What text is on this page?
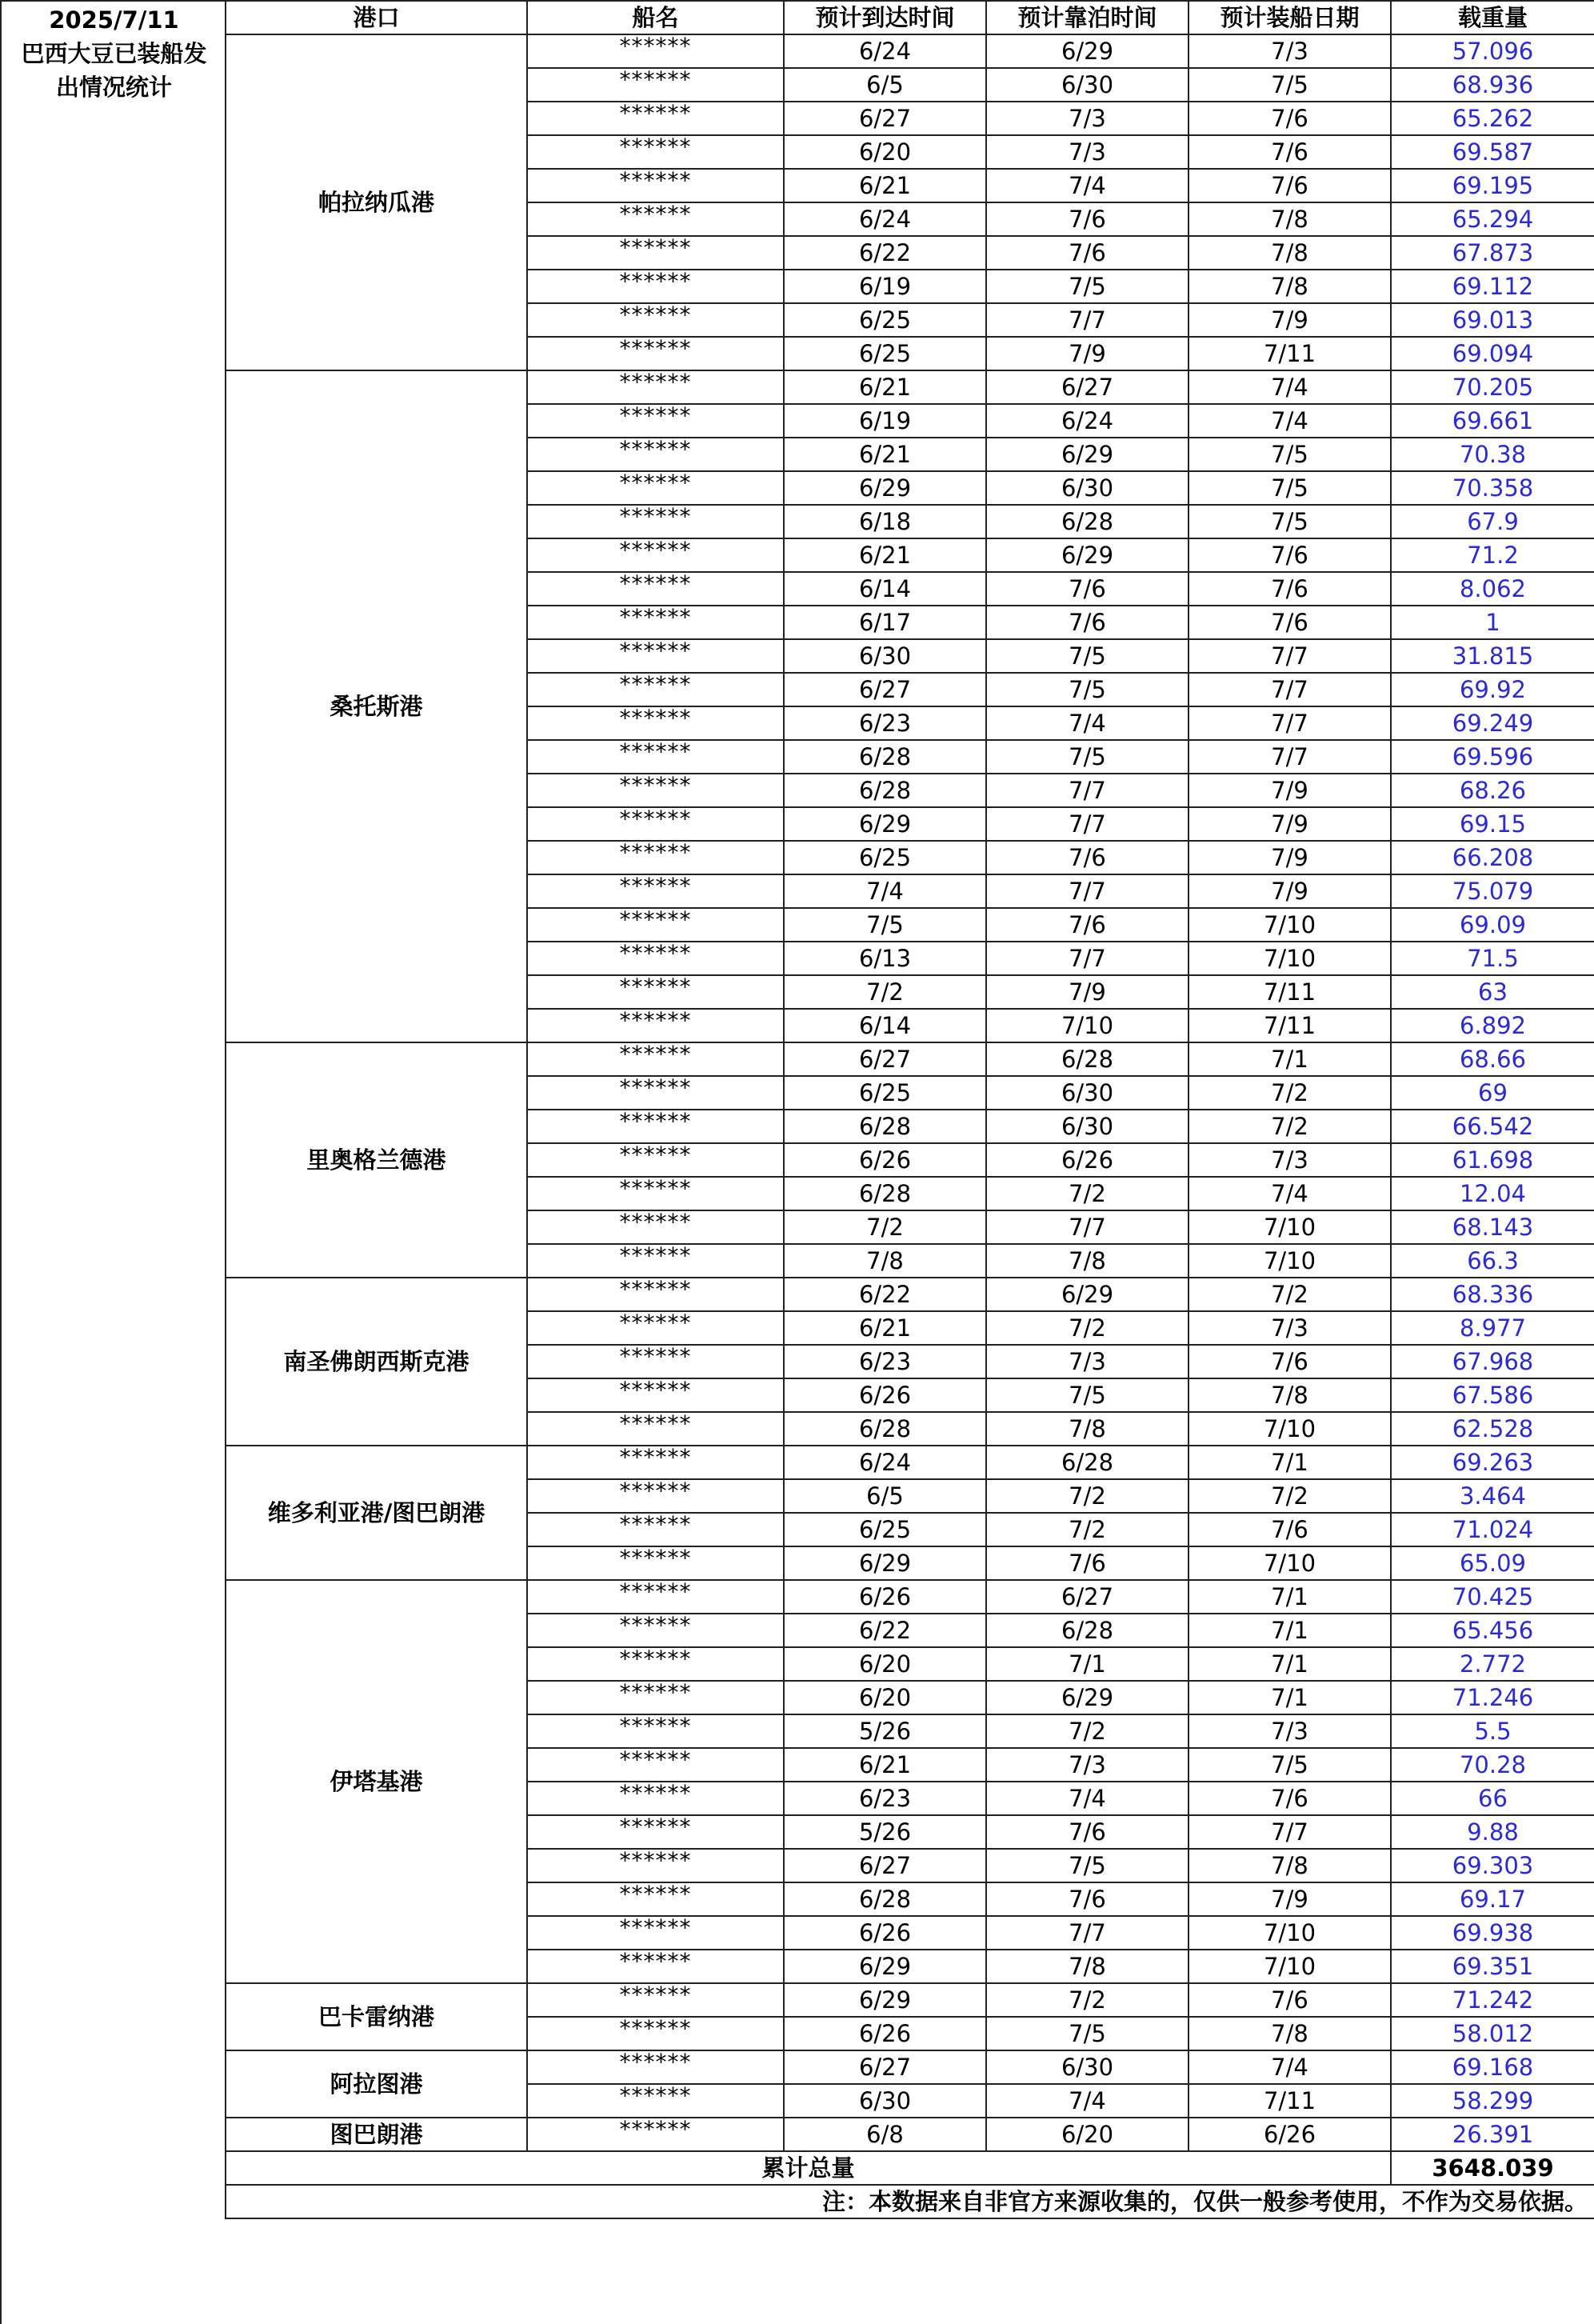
2025/7/11
巴西大豆已装船发
出情况统计
港口	船名	预计到达时间	预计靠泊时间	预计装船日期	载重量
帕拉纳瓜港	******	6/24	6/29	7/3	57.096
	******	6/5	6/30	7/5	68.936
	******	6/27	7/3	7/6	65.262
	******	6/20	7/3	7/6	69.587
	******	6/21	7/4	7/6	69.195
	******	6/24	7/6	7/8	65.294
	******	6/22	7/6	7/8	67.873
	******	6/19	7/5	7/8	69.112
	******	6/25	7/7	7/9	69.013
	******	6/25	7/9	7/11	69.094
桑托斯港	******	6/21	6/27	7/4	70.205
	******	6/19	6/24	7/4	69.661
	******	6/21	6/29	7/5	70.38
	******	6/29	6/30	7/5	70.358
	******	6/18	6/28	7/5	67.9
	******	6/21	6/29	7/6	71.2
	******	6/14	7/6	7/6	8.062
	******	6/17	7/6	7/6	1
	******	6/30	7/5	7/7	31.815
	******	6/27	7/5	7/7	69.92
	******	6/23	7/4	7/7	69.249
	******	6/28	7/5	7/7	69.596
	******	6/28	7/7	7/9	68.26
	******	6/29	7/7	7/9	69.15
	******	6/25	7/6	7/9	66.208
	******	7/4	7/7	7/9	75.079
	******	7/5	7/6	7/10	69.09
	******	6/13	7/7	7/10	71.5
	******	7/2	7/9	7/11	63
	******	6/14	7/10	7/11	6.892
里奥格兰德港	******	6/27	6/28	7/1	68.66
	******	6/25	6/30	7/2	69
	******	6/28	6/30	7/2	66.542
	******	6/26	6/26	7/3	61.698
	******	6/28	7/2	7/4	12.04
	******	7/2	7/7	7/10	68.143
	******	7/8	7/8	7/10	66.3
南圣佛朗西斯克港	******	6/22	6/29	7/2	68.336
	******	6/21	7/2	7/3	8.977
	******	6/23	7/3	7/6	67.968
	******	6/26	7/5	7/8	67.586
	******	6/28	7/8	7/10	62.528
维多利亚港/图巴朗港	******	6/24	6/28	7/1	69.263
	******	6/5	7/2	7/2	3.464
	******	6/25	7/2	7/6	71.024
	******	6/29	7/6	7/10	65.09
伊塔基港	******	6/26	6/27	7/1	70.425
	******	6/22	6/28	7/1	65.456
	******	6/20	7/1	7/1	2.772
	******	6/20	6/29	7/1	71.246
	******	5/26	7/2	7/3	5.5
	******	6/21	7/3	7/5	70.28
	******	6/23	7/4	7/6	66
	******	5/26	7/6	7/7	9.88
	******	6/27	7/5	7/8	69.303
	******	6/28	7/6	7/9	69.17
	******	6/26	7/7	7/10	69.938
	******	6/29	7/8	7/10	69.351
巴卡雷纳港	******	6/29	7/2	7/6	71.242
	******	6/26	7/5	7/8	58.012
阿拉图港	******	6/27	6/30	7/4	69.168
	******	6/30	7/4	7/11	58.299
图巴朗港	******	6/8	6/20	6/26	26.391
累计总量					3648.039
注：本数据来自非官方来源收集的，仅供一般参考使用，不作为交易依据。					
